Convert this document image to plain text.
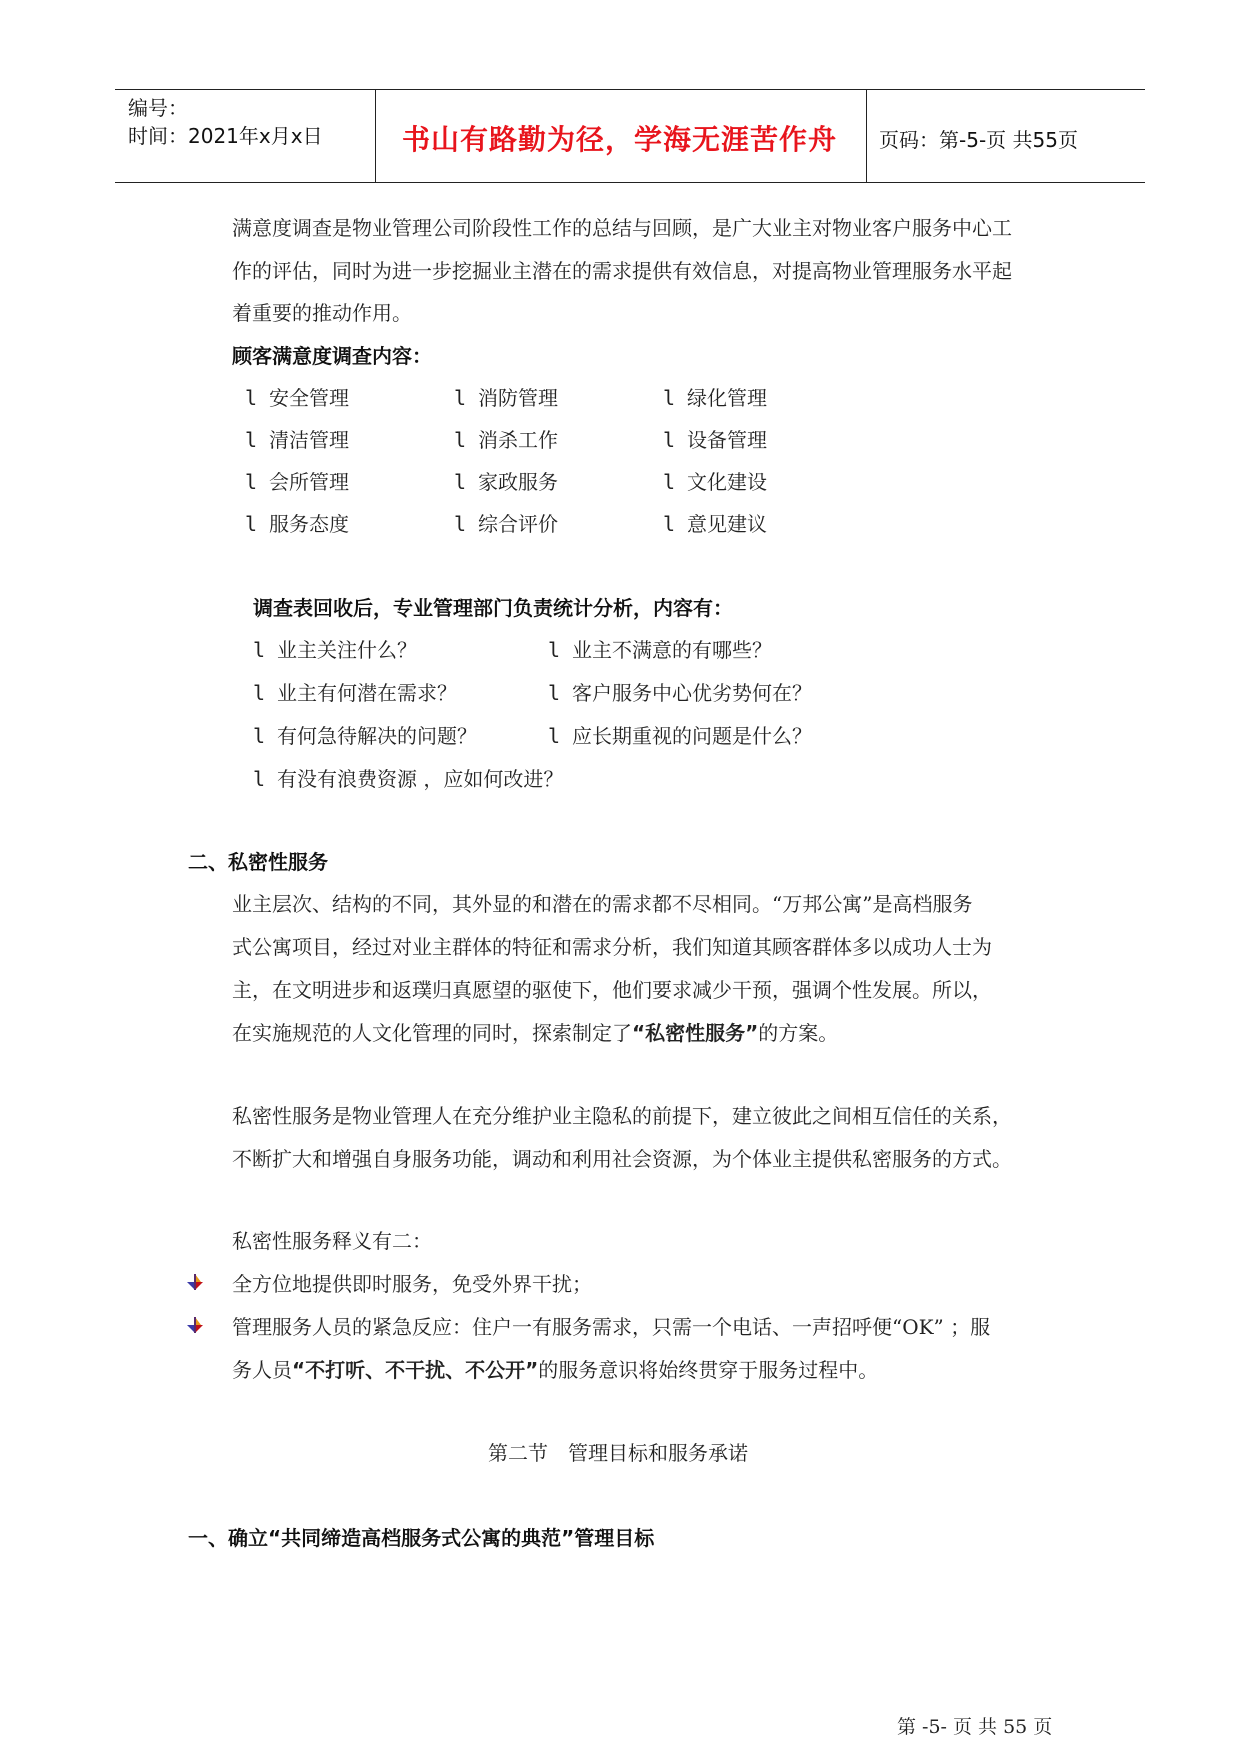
编号：
时间：2021年x月x日	书山有路勤为径，学海无涯苦作舟 页码：第-5-页 共55页
满意度调查是物业管理公司阶段性工作的总结与回顾，是广大业主对物业客户服务中心工
作的评估，同时为进一步挖掘业主潜在的需求提供有效信息，对提高物业管理服务水平起
着重要的推动作用。
顾客满意度调查内容：
l 安全管理	l 消防管理	l 绿化管理
l 清洁管理	l 消杀工作	l 设备管理
l 会所管理	l 家政服务	l 文化建设
l 服务态度	l 综合评价	l 意见建议
调查表回收后，专业管理部门负责统计分析，内容有：
l 业主关注什么？	l 业主不满意的有哪些？
l 业主有何潜在需求？	l 客户服务中心优劣势何在？
l 有何急待解决的问题？	l 应长期重视的问题是什么？
l 有没有浪费资源 ，应如何改进？
二、私密性服务
业主层次、结构的不同，其外显的和潜在的需求都不尽相同。“万邦公寓”是高档服务
式公寓项目，经过对业主群体的特征和需求分析，我们知道其顾客群体多以成功人士为
主，在文明进步和返璞归真愿望的驱使下，他们要求减少干预，强调个性发展。所以，
在实施规范的人文化管理的同时，探索制定了“私密性服务”的方案。
私密性服务是物业管理人在充分维护业主隐私的前提下，建立彼此之间相互信任的关系，
不断扩大和增强自身服务功能，调动和利用社会资源，为个体业主提供私密服务的方式。
私密性服务释义有二：
全方位地提供即时服务，免受外界干扰；
管理服务人员的紧急反应：住户一有服务需求，只需一个电话、一声招呼便“OK” ；服
务人员“不打听、不干扰、不公开”的服务意识将始终贯穿于服务过程中。
第二节　管理目标和服务承诺
一、确立“共同缔造高档服务式公寓的典范”管理目标
第 -5- 页 共 55 页
